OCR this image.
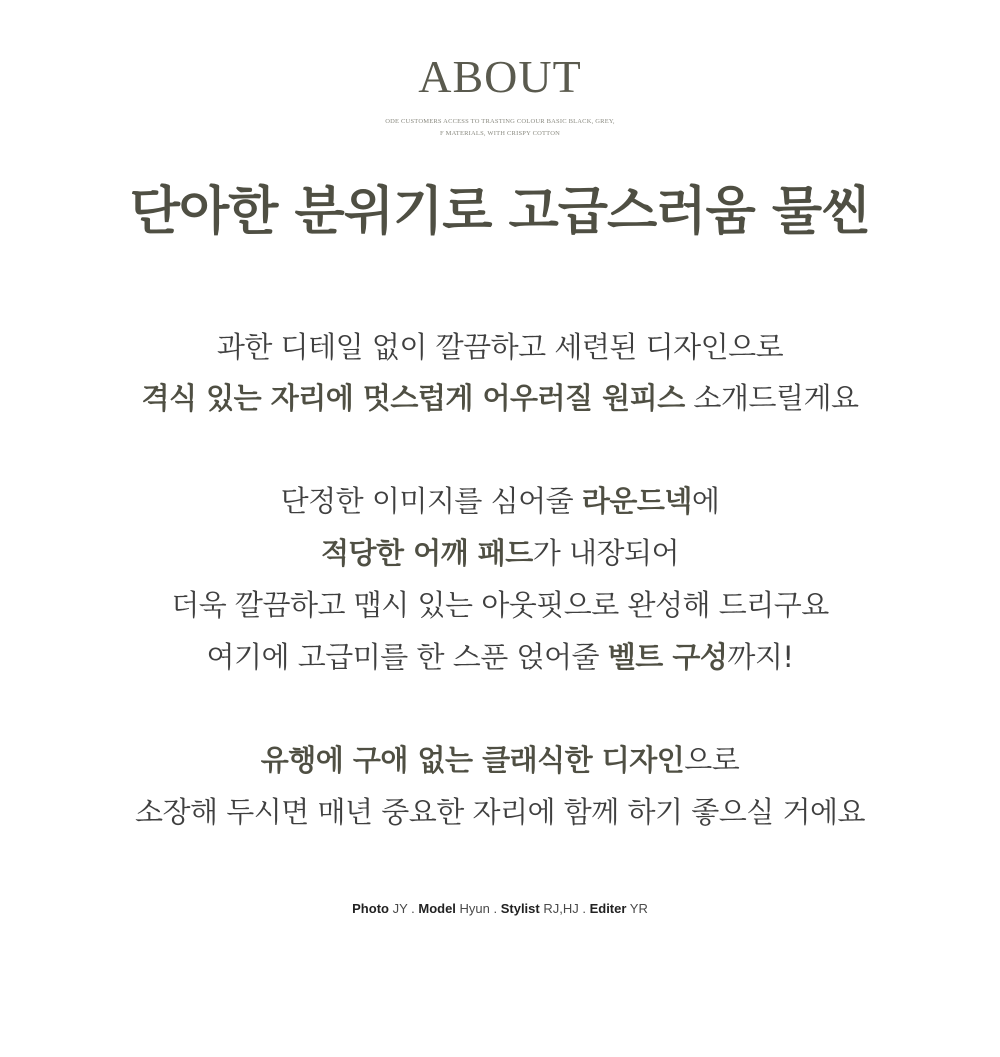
ABOUT
ODE CUSTOMERS ACCESS TO TRASTING COLOUR BASIC BLACK, GREY,
F MATERIALS, WITH CRISPY COTTON
단아한 분위기로 고급스러움 물씬
과한 디테일 없이 깔끔하고 세련된 디자인으로
격식 있는 자리에 멋스럽게 어우러질 원피스 소개드릴게요
단정한 이미지를 심어줄 라운드넥에
적당한 어깨 패드가 내장되어
더욱 깔끔하고 맵시 있는 아웃핏으로 완성해 드리구요
여기에 고급미를 한 스푼 얹어줄 벨트 구성까지!
유행에 구애 없는 클래식한 디자인으로
소장해 두시면 매년 중요한 자리에 함께 하기 좋으실 거에요
Photo JY . Model Hyun . Stylist RJ,HJ . Editer YR
